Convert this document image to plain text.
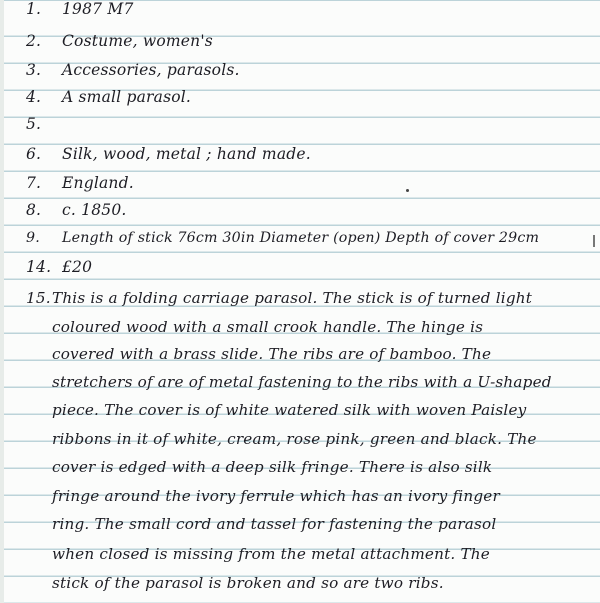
1.	1987 M7
2.	Costume, women's
3.	Accessories, parasols.
4.	A small parasol.
5.
6.	Silk, wood, metal ; hand made.
7.	England.
8.	c. 1850.
9.	Length of stick 76cm 30in Diameter (open) Depth of cover 29cm
14. £20
15. This is a folding carriage parasol. The stick is of turned light
coloured wood with a small crook handle. The hinge is
covered with a brass slide. The ribs are of bamboo. The
stretchers of are of metal fastening to the ribs with a U-shaped
piece. The cover is of white watered silk with woven Paisley
ribbons in it of white, cream, rose pink, green and black. The
cover is edged with a deep silk fringe. There is also silk
fringe around the ivory ferrule which has an ivory finger
ring. The small cord and tassel for fastening the parasol
when closed is missing from the metal attachment. The
stick of the parasol is broken and so are two ribs.
